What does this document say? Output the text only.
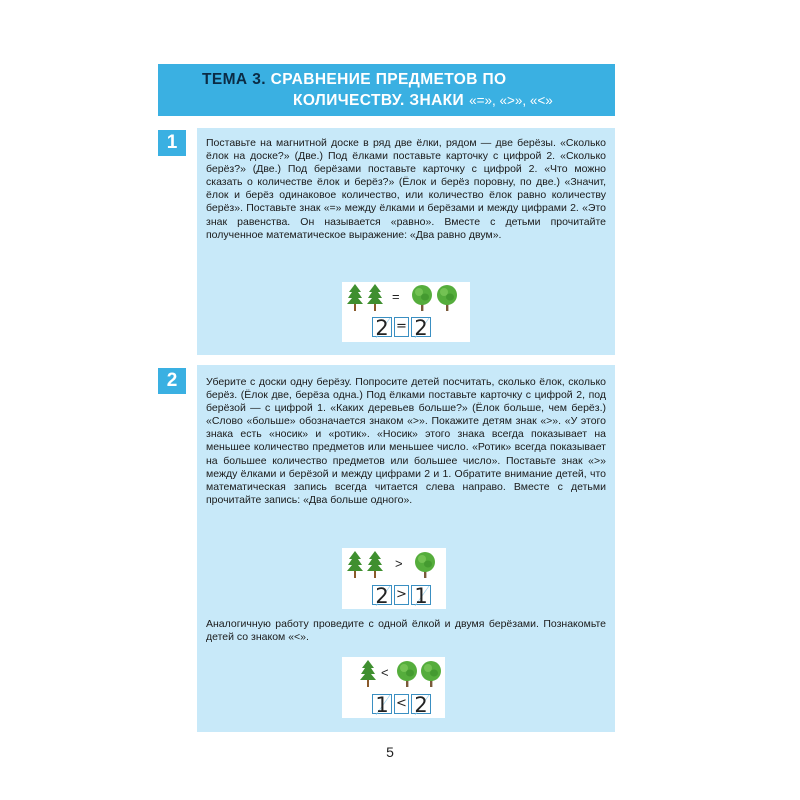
ТЕМА 3. СРАВНЕНИЕ ПРЕДМЕТОВ ПО
КОЛИЧЕСТВУ. ЗНАКИ «=», «>», «<»
1	Поставьте на магнитной доске в ряд две ёлки, рядом — две берёзы. «Сколько ёлок на доске?» (Две.) Под ёлками поставьте карточку с цифрой 2. «Сколько берёз?» (Две.) Под берёзами поставьте карточку с цифрой 2. «Что можно сказать о количестве ёлок и берёз?» (Ёлок и берёз поровну, по две.) «Значит, ёлок и берёз одинаковое количество, или количество ёлок равно количеству берёз». Поставьте знак «=» между ёлками и берёзами и между цифрами 2. «Это знак равенства. Он называется «равно». Вместе с детьми прочитайте полученное математическое выражение: «Два равно двум».

=
2 = 2
2	Уберите с доски одну берёзу. Попросите детей посчитать, сколько ёлок, сколько берёз. (Ёлок две, берёза одна.) Под ёлками поставьте карточку с цифрой 2, под берёзой — с цифрой 1. «Каких деревьев больше?» (Ёлок больше, чем берёз.) «Слово «больше» обозначается знаком «>». Покажите детям знак «>». «У этого знака есть «носик» и «ротик». «Носик» этого знака всегда показывает на меньшее количество предметов или меньшее число. «Ротик» всегда показывает на большее количество предметов или большее число». Поставьте знак «>» между ёлками и берёзой и между цифрами 2 и 1. Обратите внимание детей, что математическая запись всегда читается слева направо. Вместе с детьми прочитайте запись: «Два больше одного».

>
2 > 1

Аналогичную работу проведите с одной ёлкой и двумя берёзами. Познакомьте детей со знаком «<».

<
1 < 2
5
